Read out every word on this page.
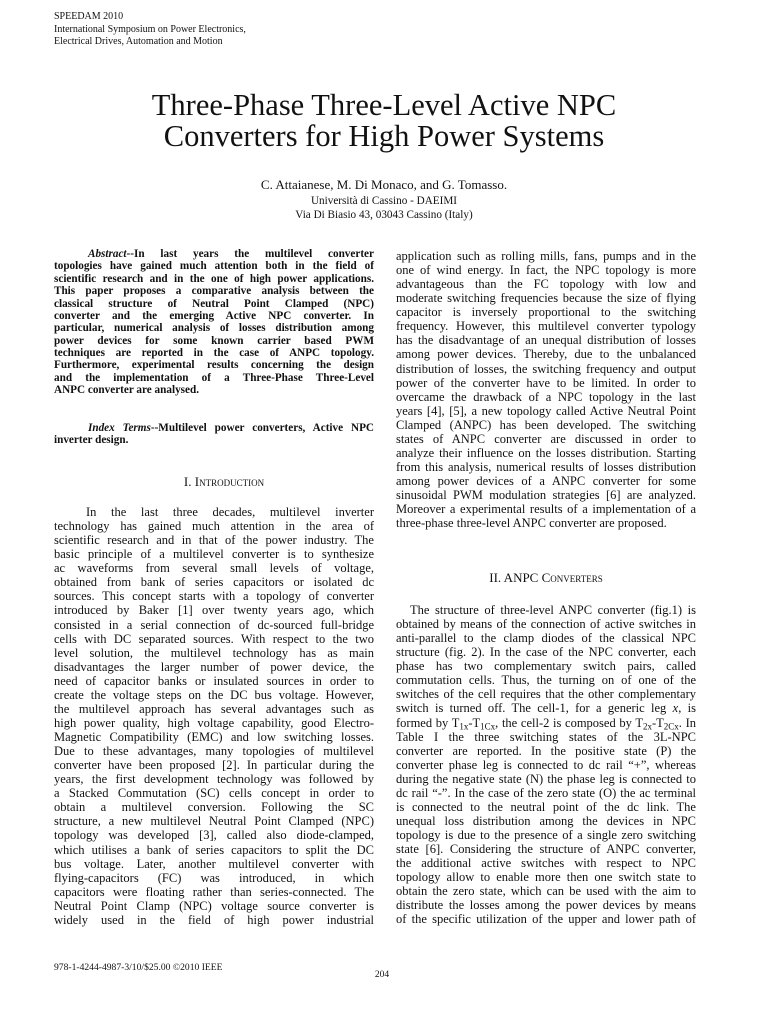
SPEEDAM 2010
International Symposium on Power Electronics,
Electrical Drives, Automation and Motion
Three-Phase Three-Level Active NPC
Converters for High Power Systems
C. Attaianese, M. Di Monaco, and G. Tomasso.
Università di Cassino - DAEIMI
Via Di Biasio 43, 03043 Cassino (Italy)
Abstract--In last years the multilevel converter
topologies have gained much attention both in the field of
scientific research and in the one of high power applications.
This paper proposes a comparative analysis between the
classical structure of Neutral Point Clamped (NPC)
converter and the emerging Active NPC converter. In
particular, numerical analysis of losses distribution among
power devices for some known carrier based PWM
techniques are reported in the case of ANPC topology.
Furthermore, experimental results concerning the design
and the implementation of a Three-Phase Three-Level
ANPC converter are analysed.
Index Terms--Multilevel power converters, Active NPC
inverter design.
I. Introduction
In the last three decades, multilevel inverter
technology has gained much attention in the area of
scientific research and in that of the power industry. The
basic principle of a multilevel converter is to synthesize
ac waveforms from several small levels of voltage,
obtained from bank of series capacitors or isolated dc
sources. This concept starts with a topology of converter
introduced by Baker [1] over twenty years ago, which
consisted in a serial connection of dc-sourced full-bridge
cells with DC separated sources. With respect to the two
level solution, the multilevel technology has as main
disadvantages the larger number of power device, the
need of capacitor banks or insulated sources in order to
create the voltage steps on the DC bus voltage. However,
the multilevel approach has several advantages such as
high power quality, high voltage capability, good Electro-
Magnetic Compatibility (EMC) and low switching losses.
Due to these advantages, many topologies of multilevel
converter have been proposed [2]. In particular during the
years, the first development technology was followed by
a Stacked Commutation (SC) cells concept in order to
obtain a multilevel conversion. Following the SC
structure, a new multilevel Neutral Point Clamped (NPC)
topology was developed [3], called also diode-clamped,
which utilises a bank of series capacitors to split the DC
bus voltage. Later, another multilevel converter with
flying-capacitors (FC) was introduced, in which
capacitors were floating rather than series-connected. The
Neutral Point Clamp (NPC) voltage source converter is
widely used in the field of high power industrial
application such as rolling mills, fans, pumps and in the
one of wind energy. In fact, the NPC topology is more
advantageous than the FC topology with low and
moderate switching frequencies because the size of flying
capacitor is inversely proportional to the switching
frequency. However, this multilevel converter typology
has the disadvantage of an unequal distribution of losses
among power devices. Thereby, due to the unbalanced
distribution of losses, the switching frequency and output
power of the converter have to be limited. In order to
overcame the drawback of a NPC topology in the last
years [4], [5], a new topology called Active Neutral Point
Clamped (ANPC) has been developed. The switching
states of ANPC converter are discussed in order to
analyze their influence on the losses distribution. Starting
from this analysis, numerical results of losses distribution
among power devices of a ANPC converter for some
sinusoidal PWM modulation strategies [6] are analyzed.
Moreover a experimental results of a implementation of a
three-phase three-level ANPC converter are proposed.
II. ANPC Converters
The structure of three-level ANPC converter (fig.1) is
obtained by means of the connection of active switches in
anti-parallel to the clamp diodes of the classical NPC
structure (fig. 2). In the case of the NPC converter, each
phase has two complementary switch pairs, called
commutation cells. Thus, the turning on of one of the
switches of the cell requires that the other complementary
switch is turned off. The cell-1, for a generic leg x, is
formed by $T_{1x}-T_{1Cx}$, the cell-2 is composed by $T_{2x}-T_{2Cx}$. In
Table I the three switching states of the 3L-NPC
converter are reported. In the positive state (P) the
converter phase leg is connected to dc rail “+”, whereas
during the negative state (N) the phase leg is connected to
dc rail “-”. In the case of the zero state (O) the ac terminal
is connected to the neutral point of the dc link. The
unequal loss distribution among the devices in NPC
topology is due to the presence of a single zero switching
state [6]. Considering the structure of ANPC converter,
the additional active switches with respect to NPC
topology allow to enable more then one switch state to
obtain the zero state, which can be used with the aim to
distribute the losses among the power devices by means
of the specific utilization of the upper and lower path of
978-1-4244-4987-3/10/$25.00 ©2010 IEEE
204
